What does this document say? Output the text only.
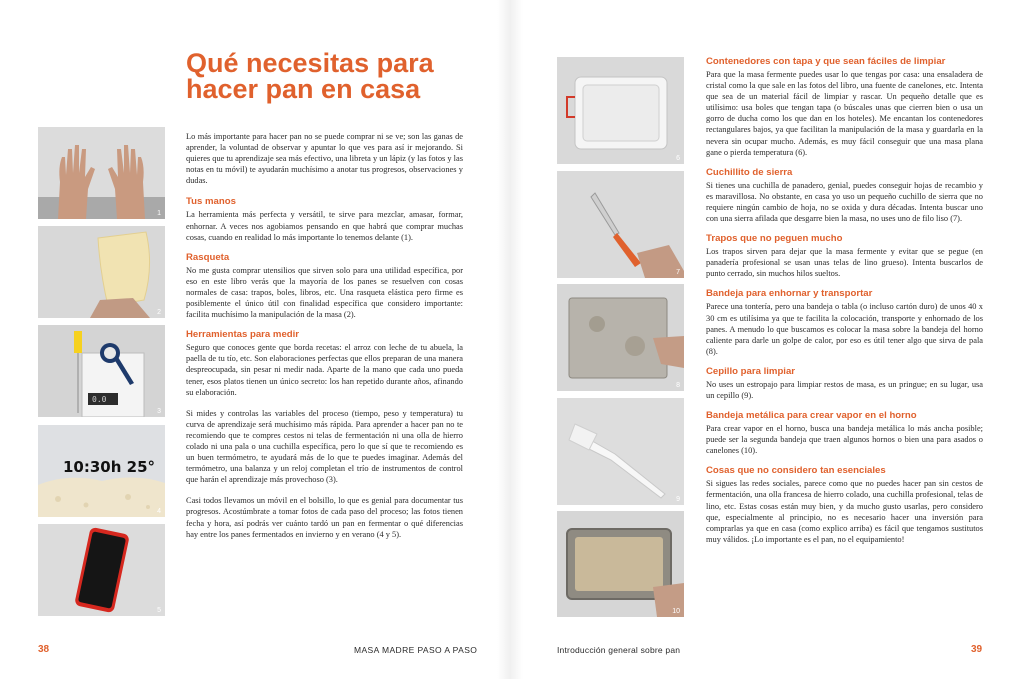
1
2
0.0
3
10:30h 25°
4
5
Qué necesitas para
hacer pan en casa

Lo más importante para hacer pan no se puede comprar ni se ve; son las ganas de aprender, la voluntad de observar y apuntar lo que ves para así ir mejorando. Si quieres que tu aprendizaje sea más efectivo, una libreta y un lápiz (y las fotos y las notas en tu móvil) te ayudarán muchísimo a anotar tus progresos, observaciones y dudas.

Tus manos

La herramienta más perfecta y versátil, te sirve para mezclar, amasar, formar, enhornar. A veces nos agobiamos pensando en que habrá que comprar muchas cosas, cuando en realidad lo más importante lo tenemos delante (1).

Rasqueta

No me gusta comprar utensilios que sirven solo para una utilidad específica, por eso en este libro verás que la mayoría de los panes se resuelven con cosas normales de casa: trapos, boles, libros, etc. Una rasqueta elástica pero firme es posiblemente el único útil con finalidad específica que considero importante: facilita muchísimo la manipulación de la masa (2).

Herramientas para medir

Seguro que conoces gente que borda recetas: el arroz con leche de tu abuela, la paella de tu tío, etc. Son elaboraciones perfectas que ellos preparan de una manera despreocupada, sin pesar ni medir nada. Aparte de la mano que cada uno pueda tener, esos platos tienen un único secreto: los han repetido durante años, afinando su elaboración.

Si mides y controlas las variables del proceso (tiempo, peso y temperatura) tu curva de aprendizaje será muchísimo más rápida. Para aprender a hacer pan no te recomiendo que te compres cestos ni telas de fermentación ni una olla de hierro colado ni una pala o una cuchilla específica, pero lo que sí que te recomiendo es un buen termómetro, te ayudará más de lo que te puedes imaginar. Además del termómetro, una balanza y un reloj completan el trío de instrumentos de control que harán el aprendizaje más provechoso (3).

Casi todos llevamos un móvil en el bolsillo, lo que es genial para documentar tus progresos. Acostúmbrate a tomar fotos de cada paso del proceso; las fotos tienen fecha y hora, así podrás ver cuánto tardó un pan en fermentar o qué diferencias hay entre los panes fermentados en invierno y en verano (4 y 5).

6
7
8
9
10
Contenedores con tapa y que sean fáciles de limpiar

Para que la masa fermente puedes usar lo que tengas por casa: una ensaladera de cristal como la que sale en las fotos del libro, una fuente de canelones, etc. Intenta que sea de un material fácil de limpiar y rascar. Un pequeño detalle que es utilísimo: usa boles que tengan tapa (o búscales unas que cierren bien o usa un gorro de ducha como los que dan en los hoteles). Me encantan los contenedores rectangulares bajos, ya que facilitan la manipulación de la masa y guardarla en la nevera sin ocupar mucho. Además, es muy fácil conseguir que una masa plana gane o pierda temperatura (6).

Cuchillito de sierra

Si tienes una cuchilla de panadero, genial, puedes conseguir hojas de recambio y es maravillosa. No obstante, en casa yo uso un pequeño cuchillo de sierra que no requiere ningún cambio de hoja, no se oxida y dura décadas. Intenta buscar uno con una sierra afilada que desgarre bien la masa, no uses uno de filo liso (7).

Trapos que no peguen mucho

Los trapos sirven para dejar que la masa fermente y evitar que se pegue (en panadería profesional se usan unas telas de lino grueso). Intenta buscarlos de punto cerrado, sin muchos hilos sueltos.

Bandeja para enhornar y transportar

Parece una tontería, pero una bandeja o tabla (o incluso cartón duro) de unos 40 x 30 cm es utilísima ya que te facilita la colocación, transporte y enhornado de los panes. A menudo lo que buscamos es colocar la masa sobre la bandeja del horno caliente para darle un golpe de calor, por eso es útil tener algo que sirva de pala (8).

Cepillo para limpiar

No uses un estropajo para limpiar restos de masa, es un pringue; en su lugar, usa un cepillo (9).

Bandeja metálica para crear vapor en el horno

Para crear vapor en el horno, busca una bandeja metálica lo más ancha posible; puede ser la segunda bandeja que traen algunos hornos o bien una para asados o canelones (10).

Cosas que no considero tan esenciales

Si sigues las redes sociales, parece como que no puedes hacer pan sin cestos de fermentación, una olla francesa de hierro colado, una cuchilla profesional, telas de lino, etc. Estas cosas están muy bien, y da mucho gusto usarlas, pero considero que, especialmente al principio, no es necesario hacer una inversión para comprarlas ya que en casa (como explico arriba) es fácil que tengamos sustitutos muy válidos. ¡Lo importante es el pan, no el equipamiento!

38	MASA MADRE PASO A PASO	Introducción general sobre pan	39
